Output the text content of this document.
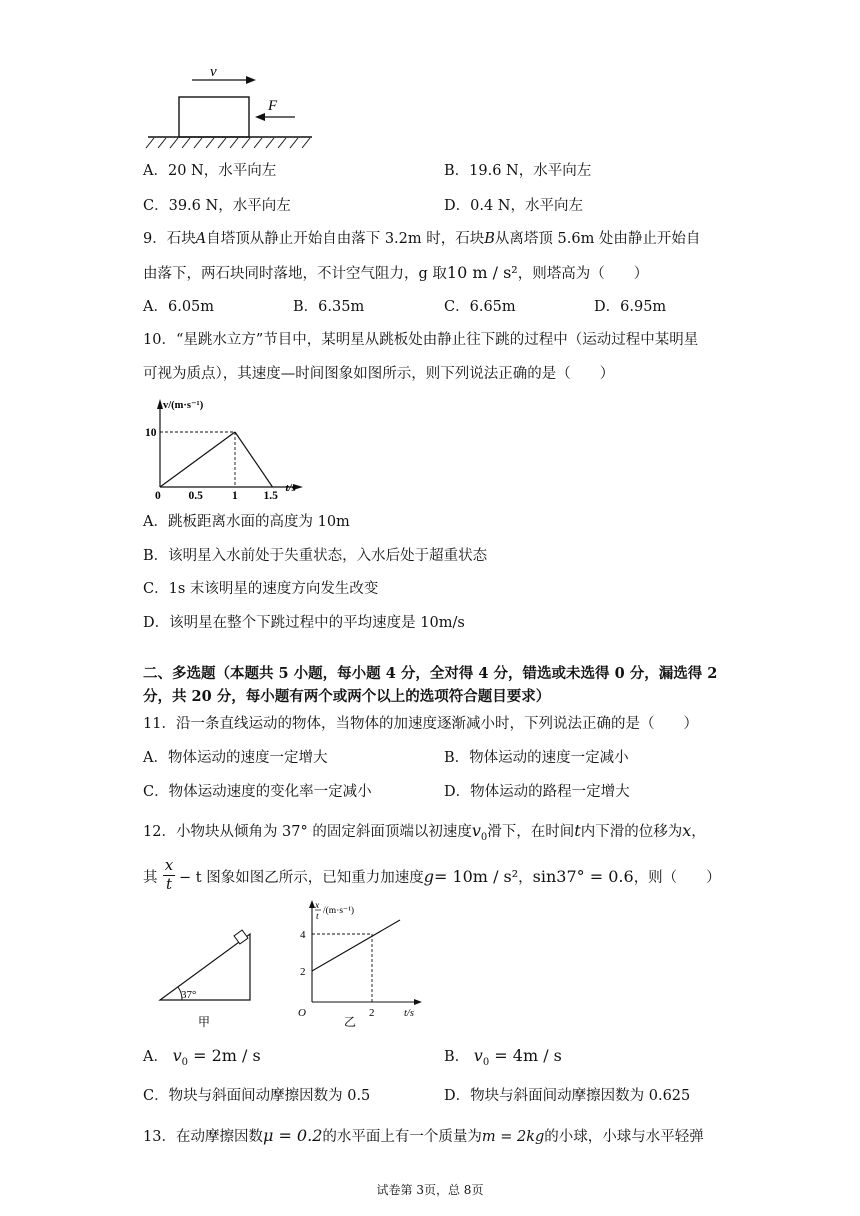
v
F
A．20 N，水平向左	B．19.6 N，水平向左
C．39.6 N，水平向左	D．0.4 N，水平向左
9．石块A自塔顶从静止开始自由落下 3.2m 时，石块B从离塔顶 5.6m 处由静止开始自
由落下，两石块同时落地，不计空气阻力，g 取10 m / s²，则塔高为（　　）
A．6.05m	B．6.35m	C．6.65m	D．6.95m
10．“星跳水立方”节目中，某明星从跳板处由静止往下跳的过程中（运动过程中某明星
可视为质点），其速度—时间图象如图所示，则下列说法正确的是（　　）
v/(m·s⁻¹)
t/s
0 0.5	1 1.5
10
A．跳板距离水面的高度为 10m
B．该明星入水前处于失重状态，入水后处于超重状态
C．1s 末该明星的速度方向发生改变
D．该明星在整个下跳过程中的平均速度是 10m/s
二、多选题（本题共 5 小题，每小题 4 分，全对得 4 分，错选或未选得 0 分，漏选得 2
分，共 20 分，每小题有两个或两个以上的选项符合题目要求）
11．沿一条直线运动的物体，当物体的加速度逐渐减小时，下列说法正确的是（　　）
A．物体运动的速度一定增大	B．物体运动的速度一定减小
C．物体运动速度的变化率一定减小	D．物体运动的路程一定增大
12．小物块从倾角为 37° 的固定斜面顶端以初速度$v_0$滑下，在时间t内下滑的位移为x，
其
x
t − t 图象如图乙所示，已知重力加速度g= 10m / s²，sin37° = 0.6，则（　　）
37°
甲
x
t
/(m·s⁻¹)
4
2
2
O	t/s
乙
A． $v_0 = 2m / s$	B． $v_0 = 4m / s$
C．物块与斜面间动摩擦因数为 0.5	D．物块与斜面间动摩擦因数为 0.625
13．在动摩擦因数μ = 0.2的水平面上有一个质量为m = 2kg的小球，小球与水平轻弹
试卷第 3页，总 8页
